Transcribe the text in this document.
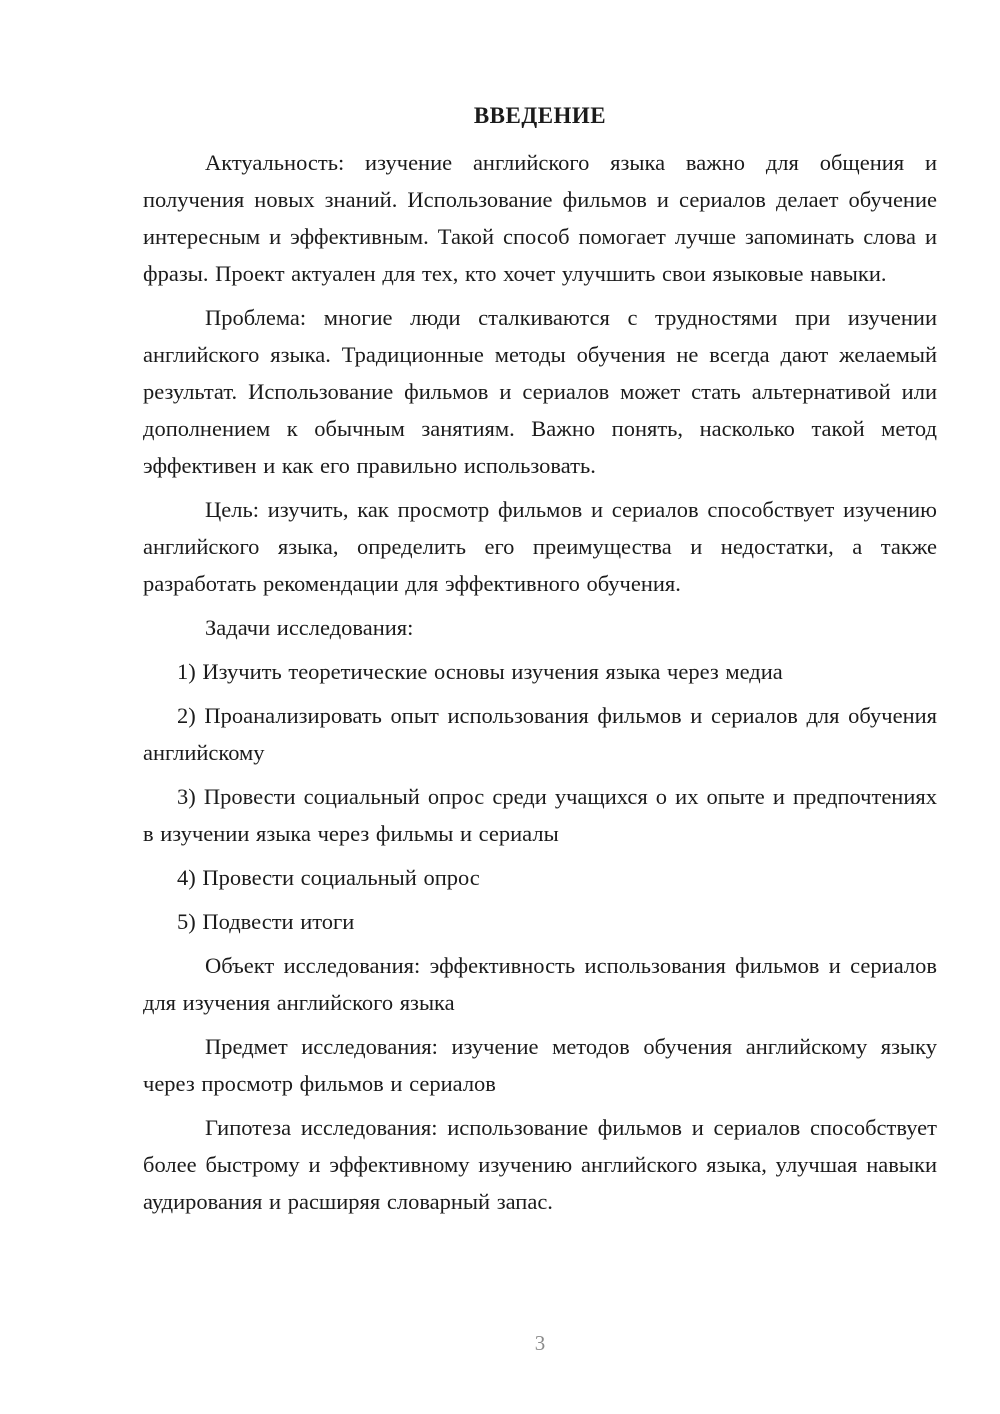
ВВЕДЕНИЕ

Актуальность: изучение английского языка важно для общения и получения новых знаний. Использование фильмов и сериалов делает обучение интересным и эффективным. Такой способ помогает лучше запоминать слова и фразы. Проект актуален для тех, кто хочет улучшить свои языковые навыки.

Проблема: многие люди сталкиваются с трудностями при изучении английского языка. Традиционные методы обучения не всегда дают желаемый результат. Использование фильмов и сериалов может стать альтернативой или дополнением к обычным занятиям. Важно понять, насколько такой метод эффективен и как его правильно использовать.

Цель: изучить, как просмотр фильмов и сериалов способствует изучению английского языка, определить его преимущества и недостатки, а также разработать рекомендации для эффективного обучения.

Задачи исследования:

1) Изучить теоретические основы изучения языка через медиа

2) Проанализировать опыт использования фильмов и сериалов для обучения английскому

3) Провести социальный опрос среди учащихся о их опыте и предпочтениях в изучении языка через фильмы и сериалы

4) Провести социальный опрос

5) Подвести итоги

Объект исследования: эффективность использования фильмов и сериалов для изучения английского языка

Предмет исследования: изучение методов обучения английскому языку через просмотр фильмов и сериалов

Гипотеза исследования: использование фильмов и сериалов способствует более быстрому и эффективному изучению английского языка, улучшая навыки аудирования и расширяя словарный запас.

3
